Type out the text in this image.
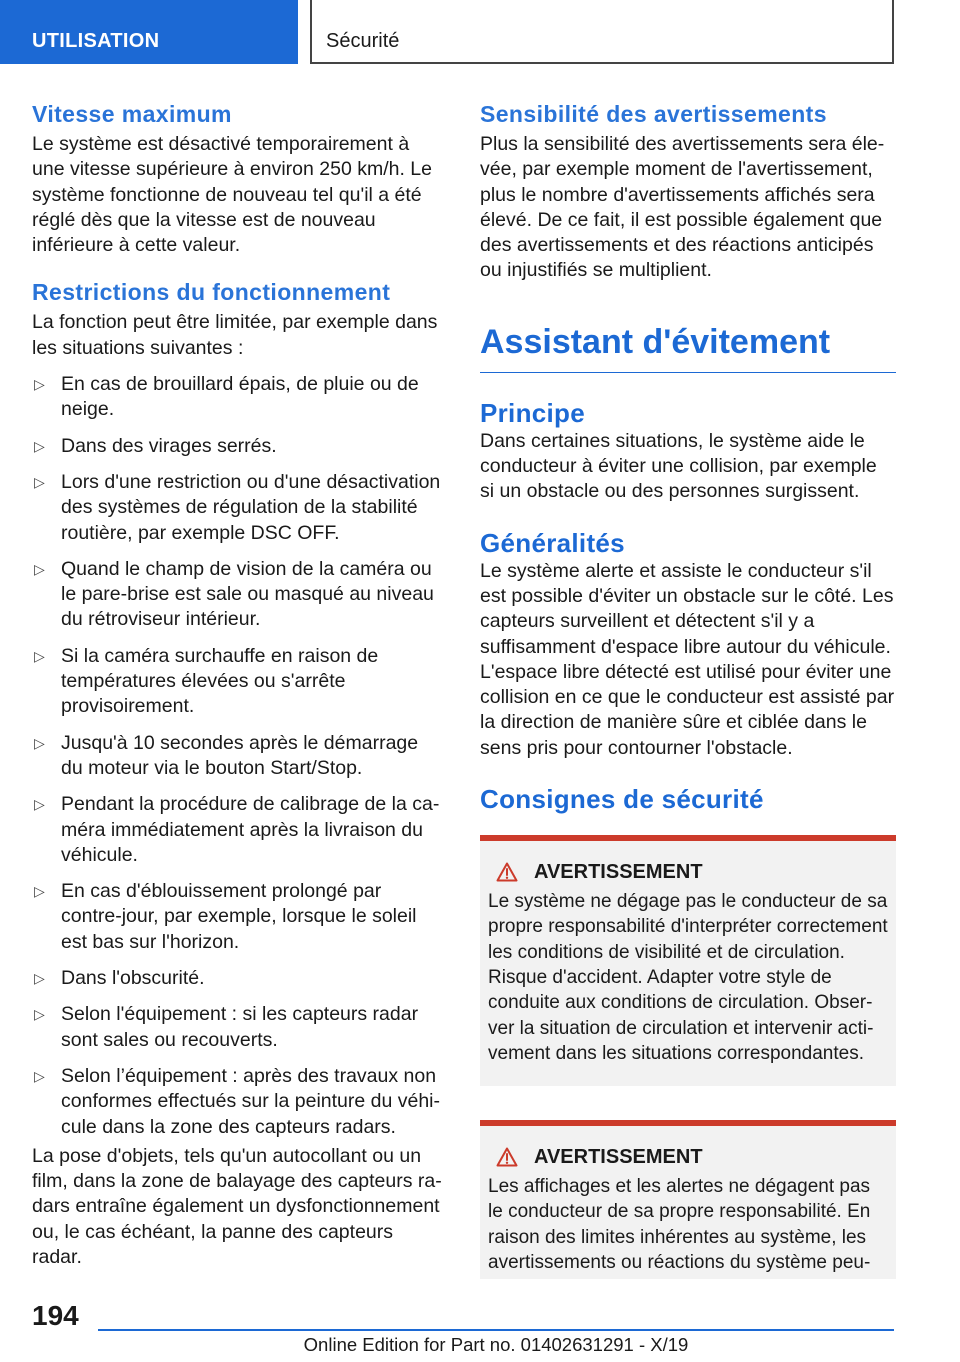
UTILISATION	Sécurité
Vitesse maximum

Le système est désactivé temporairement à une vitesse supérieure à environ 250 km/h. Le système fonctionne de nouveau tel qu'il a été réglé dès que la vitesse est de nouveau inférieure à cette valeur.

Restrictions du fonctionnement

La fonction peut être limitée, par exemple dans les situations suivantes :

▷ En cas de brouillard épais, de pluie ou de neige.
▷ Dans des virages serrés.
▷ Lors d'une restriction ou d'une désactivation des systèmes de régulation de la stabilité routière, par exemple DSC OFF.
▷ Quand le champ de vision de la caméra ou le pare-brise est sale ou masqué au niveau du rétroviseur intérieur.
▷ Si la caméra surchauffe en raison de températures élevées ou s'arrête provisoirement.
▷ Jusqu'à 10 secondes après le démarrage du moteur via le bouton Start/Stop.
▷ Pendant la procédure de calibrage de la caméra immédiatement après la livraison du véhicule.
▷ En cas d'éblouissement prolongé par contre-jour, par exemple, lorsque le soleil est bas sur l'horizon.
▷ Dans l'obscurité.
▷ Selon l'équipement : si les capteurs radar sont sales ou recouverts.
▷ Selon l’équipement : après des travaux non conformes effectués sur la peinture du véhicule dans la zone des capteurs radars.

La pose d'objets, tels qu'un autocollant ou un film, dans la zone de balayage des capteurs radars entraîne également un dysfonctionnement ou, le cas échéant, la panne des capteurs radar.

Sensibilité des avertissements

Plus la sensibilité des avertissements sera élevée, par exemple moment de l'avertissement, plus le nombre d'avertissements affichés sera élevé. De ce fait, il est possible également que des avertissements et des réactions anticipés ou injustifiés se multiplient.

Assistant d'évitement
Principe

Dans certaines situations, le système aide le conducteur à éviter une collision, par exemple si un obstacle ou des personnes surgissent.

Généralités

Le système alerte et assiste le conducteur s'il est possible d'éviter un obstacle sur le côté. Les capteurs surveillent et détectent s'il y a suffisamment d'espace libre autour du véhicule. L'espace libre détecté est utilisé pour éviter une collision en ce que le conducteur est assisté par la direction de manière sûre et ciblée dans le sens pris pour contourner l'obstacle.

Consignes de sécurité
AVERTISSEMENT

Le système ne dégage pas le conducteur de sa propre responsabilité d'interpréter correctement les conditions de visibilité et de circulation. Risque d'accident. Adapter votre style de conduite aux conditions de circulation. Observer la situation de circulation et intervenir activement dans les situations correspondantes.

AVERTISSEMENT

Les affichages et les alertes ne dégagent pas le conducteur de sa propre responsabilité. En raison des limites inhérentes au système, les avertissements ou réactions du système peu-

194
Online Edition for Part no. 01402631291 - X/19
